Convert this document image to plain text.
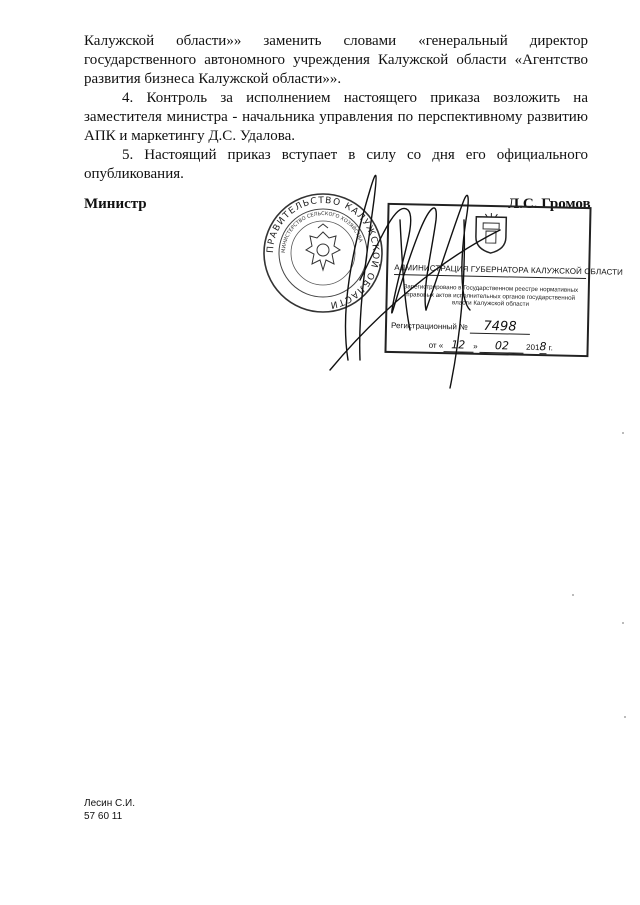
Калужской области»» заменить словами «генеральный директор государственного автономного учреждения Калужской области «Агентство развития бизнеса Калужской области»».

4. Контроль за исполнением настоящего приказа возложить на заместителя министра - начальника управления по перспективному развитию АПК и маркетингу Д.С. Удалова.

5. Настоящий приказ вступает в силу со дня его официального опубликования.

Министр	Л.С. Громов
ПРАВИТЕЛЬСТВО КАЛУЖСКОЙ ОБЛАСТИ
МИНИСТЕРСТВО СЕЛЬСКОГО ХОЗЯЙСТВА
АДМИНИСТРАЦИЯ ГУБЕРНАТОРА КАЛУЖСКОЙ ОБЛАСТИ
Зарегистрировано в Государственном реестре нормативных правовых актов исполнительных органов государственной власти Калужской области
Регистрационный № 7498
от « 12 » 02 2018 г.
Лесин С.И.
57 60 11
